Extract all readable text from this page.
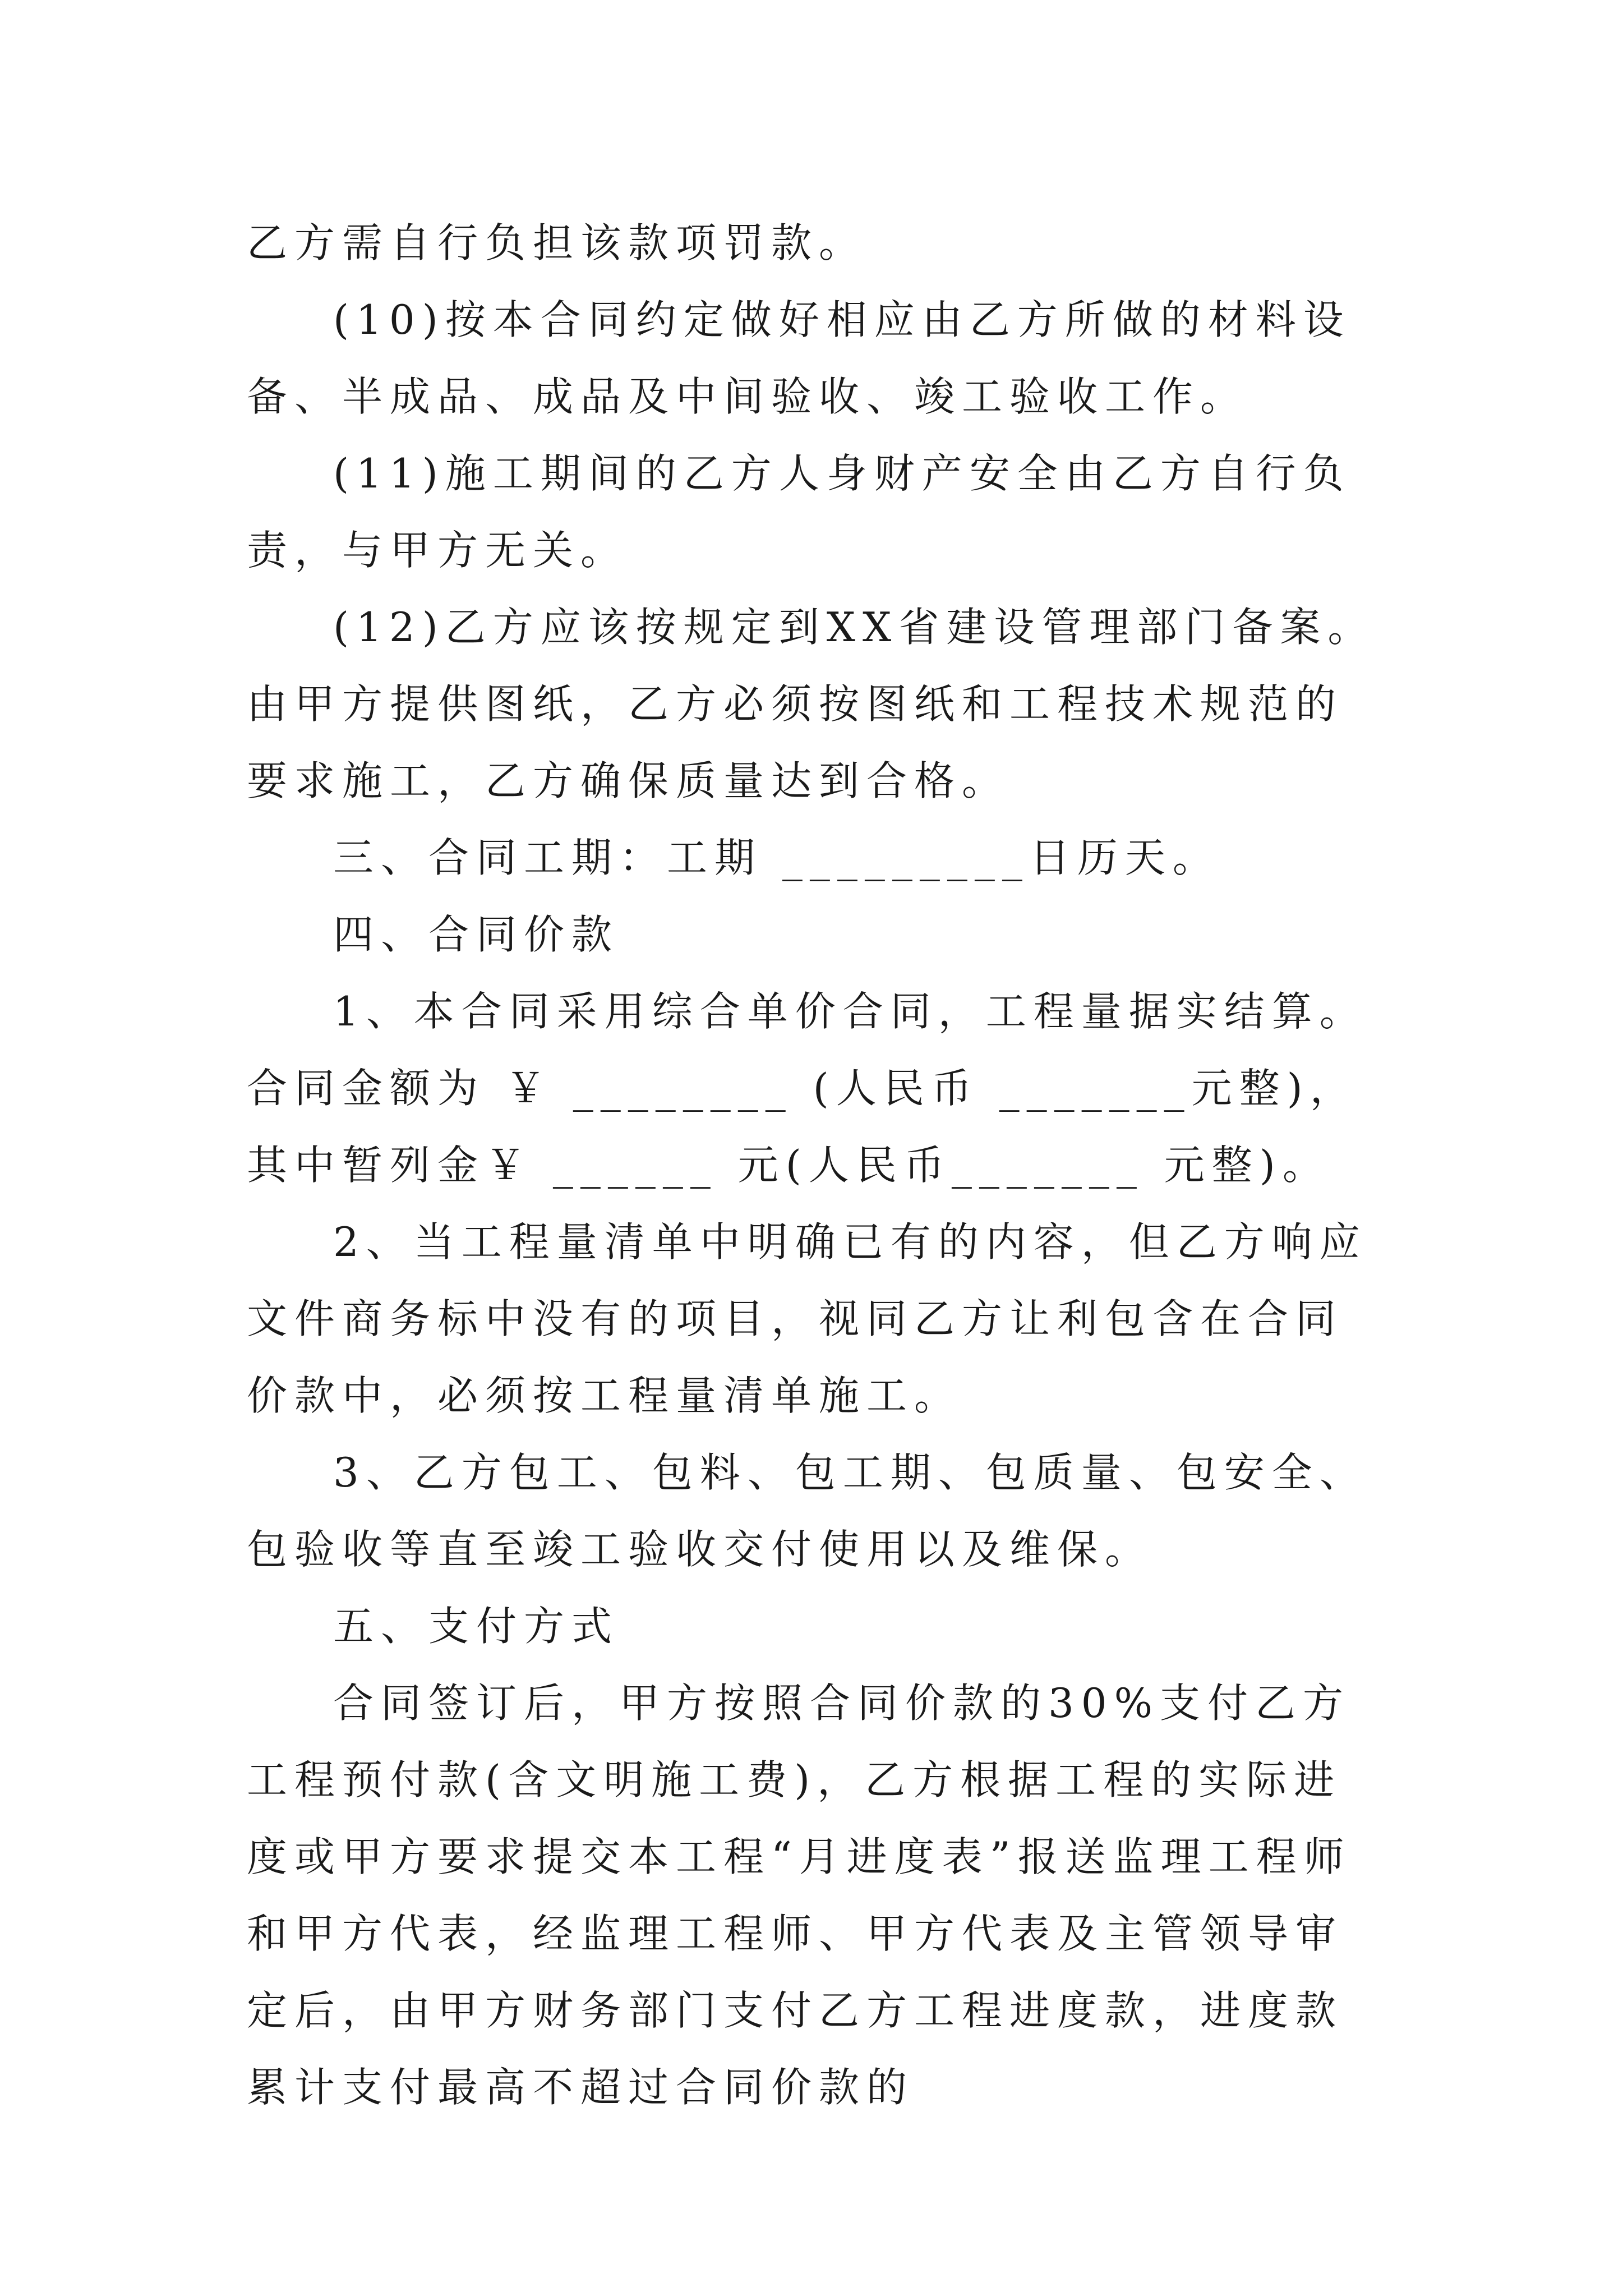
乙方需自行负担该款项罚款。

(10)按本合同约定做好相应由乙方所做的材料设备、半成品、成品及中间验收、竣工验收工作。

(11)施工期间的乙方人身财产安全由乙方自行负责，与甲方无关。

(12)乙方应该按规定到XX省建设管理部门备案。由甲方提供图纸，乙方必须按图纸和工程技术规范的要求施工，乙方确保质量达到合格。

三、合同工期：工期 _________日历天。

四、合同价款

1、本合同采用综合单价合同，工程量据实结算。合同金额为 ￥ ________ (人民币 _______元整)，其中暂列金￥ ______ 元(人民币_______ 元整)。

2、当工程量清单中明确已有的内容，但乙方响应文件商务标中没有的项目，视同乙方让利包含在合同价款中，必须按工程量清单施工。

3、乙方包工、包料、包工期、包质量、包安全、包验收等直至竣工验收交付使用以及维保。

五、支付方式

合同签订后，甲方按照合同价款的30%支付乙方工程预付款(含文明施工费)，乙方根据工程的实际进度或甲方要求提交本工程“月进度表”报送监理工程师和甲方代表，经监理工程师、甲方代表及主管领导审定后，由甲方财务部门支付乙方工程进度款，进度款累计支付最高不超过合同价款的
